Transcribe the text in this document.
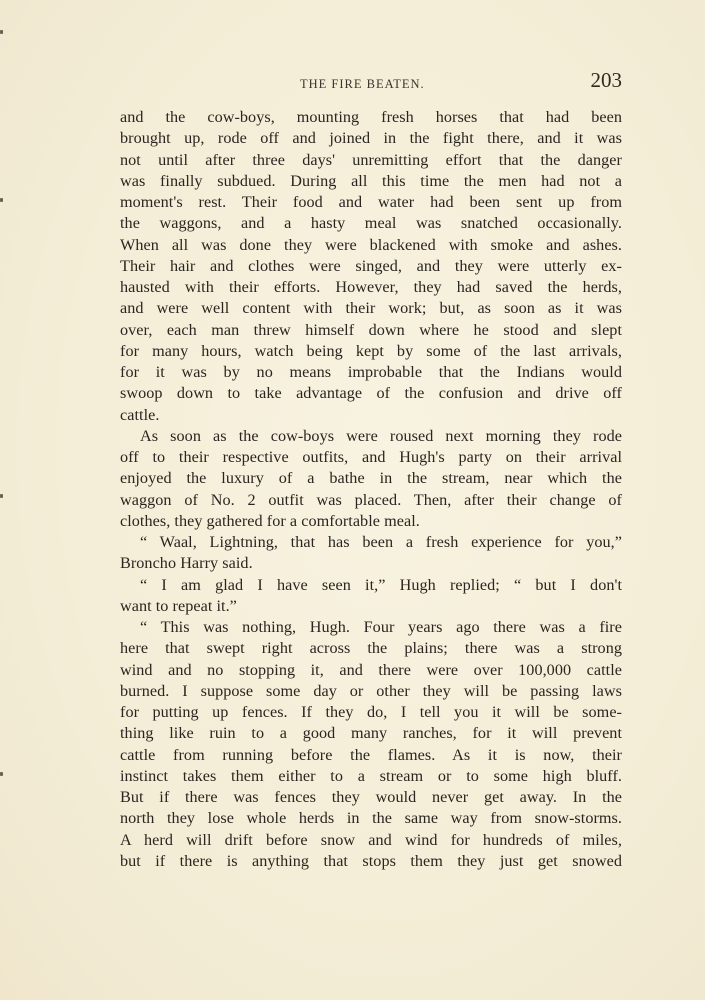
THE FIRE BEATEN.	203
and the cow-boys, mounting fresh horses that had been
brought up, rode off and joined in the fight there, and it was
not until after three days' unremitting effort that the danger
was finally subdued. During all this time the men had not a
moment's rest. Their food and water had been sent up from
the waggons, and a hasty meal was snatched occasionally.
When all was done they were blackened with smoke and ashes.
Their hair and clothes were singed, and they were utterly ex-
hausted with their efforts. However, they had saved the herds,
and were well content with their work; but, as soon as it was
over, each man threw himself down where he stood and slept
for many hours, watch being kept by some of the last arrivals,
for it was by no means improbable that the Indians would
swoop down to take advantage of the confusion and drive off
cattle.
As soon as the cow-boys were roused next morning they rode
off to their respective outfits, and Hugh's party on their arrival
enjoyed the luxury of a bathe in the stream, near which the
waggon of No. 2 outfit was placed. Then, after their change of
clothes, they gathered for a comfortable meal.
“ Waal, Lightning, that has been a fresh experience for you,”
Broncho Harry said.
“ I am glad I have seen it,” Hugh replied; “ but I don't
want to repeat it.”
“ This was nothing, Hugh. Four years ago there was a fire
here that swept right across the plains; there was a strong
wind and no stopping it, and there were over 100,000 cattle
burned. I suppose some day or other they will be passing laws
for putting up fences. If they do, I tell you it will be some-
thing like ruin to a good many ranches, for it will prevent
cattle from running before the flames. As it is now, their
instinct takes them either to a stream or to some high bluff.
But if there was fences they would never get away. In the
north they lose whole herds in the same way from snow-storms.
A herd will drift before snow and wind for hundreds of miles,
but if there is anything that stops them they just get snowed
